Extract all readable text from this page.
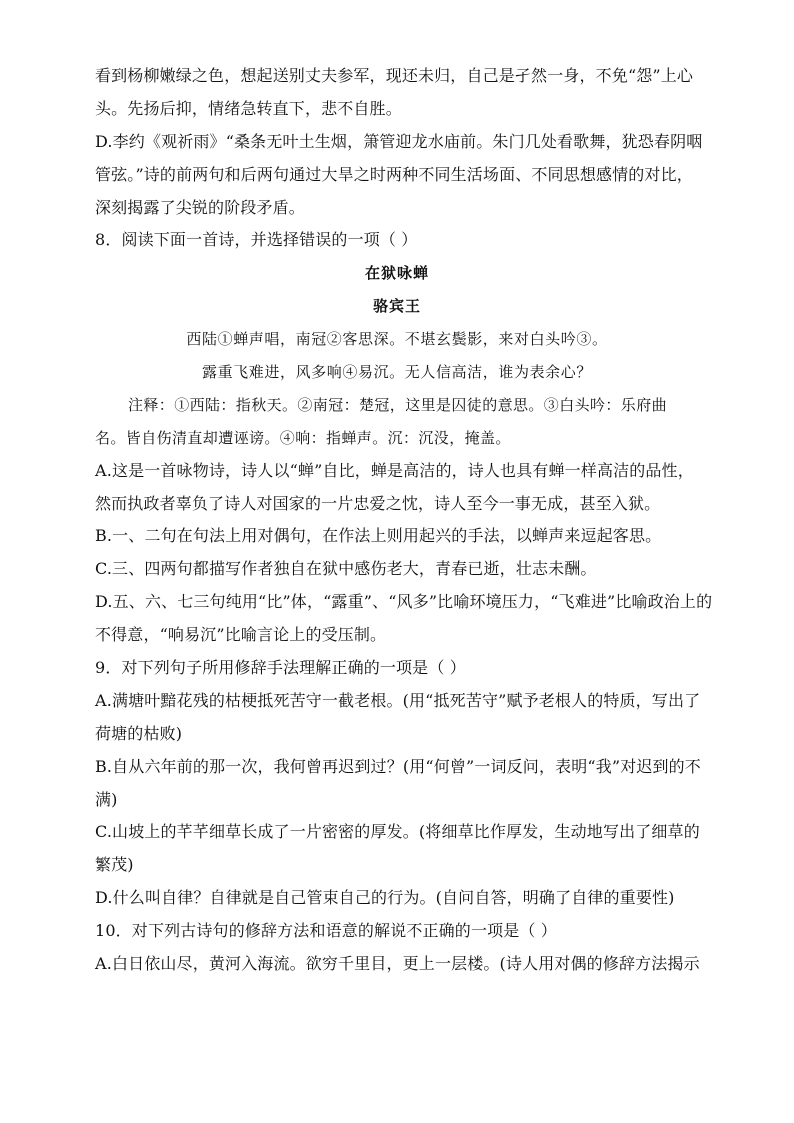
看到杨柳嫩绿之色，想起送别丈夫参军，现还未归，自己是孑然一身，不免“怨”上心
头。先扬后抑，情绪急转直下，悲不自胜。
D.李约《观祈雨》“桑条无叶土生烟，箫管迎龙水庙前。朱门几处看歌舞，犹恐春阴咽
管弦。”诗的前两句和后两句通过大旱之时两种不同生活场面、不同思想感情的对比，
深刻揭露了尖锐的阶段矛盾。
8．阅读下面一首诗，并选择错误的一项（ ）
在狱咏蝉
骆宾王
西陆①蝉声唱，南冠②客思深。不堪玄鬓影，来对白头吟③。
露重飞难进，风多响④易沉。无人信高洁，谁为表余心？
注释：①西陆：指秋天。②南冠：楚冠，这里是囚徒的意思。③白头吟：乐府曲
名。皆自伤清直却遭诬谤。④响：指蝉声。沉：沉没，掩盖。
A.这是一首咏物诗，诗人以“蝉”自比，蝉是高洁的，诗人也具有蝉一样高洁的品性，
然而执政者辜负了诗人对国家的一片忠爱之忱，诗人至今一事无成，甚至入狱。
B.一、二句在句法上用对偶句，在作法上则用起兴的手法，以蝉声来逗起客思。
C.三、四两句都描写作者独自在狱中感伤老大，青春已逝，壮志未酬。
D.五、六、七三句纯用“比”体，“露重”、“风多”比喻环境压力，“飞难进”比喻政治上的
不得意，“响易沉”比喻言论上的受压制。
9．对下列句子所用修辞手法理解正确的一项是（ ）
A.满塘叶黯花残的枯梗抵死苦守一截老根。(用“抵死苦守”赋予老根人的特质，写出了
荷塘的枯败)
B.自从六年前的那一次，我何曾再迟到过？(用“何曾”一词反问，表明“我”对迟到的不
满)
C.山坡上的芊芊细草长成了一片密密的厚发。(将细草比作厚发，生动地写出了细草的
繁茂)
D.什么叫自律？自律就是自己管束自己的行为。(自问自答，明确了自律的重要性)
10．对下列古诗句的修辞方法和语意的解说不正确的一项是（ ）
A.白日依山尽，黄河入海流。欲穷千里目，更上一层楼。(诗人用对偶的修辞方法揭示
